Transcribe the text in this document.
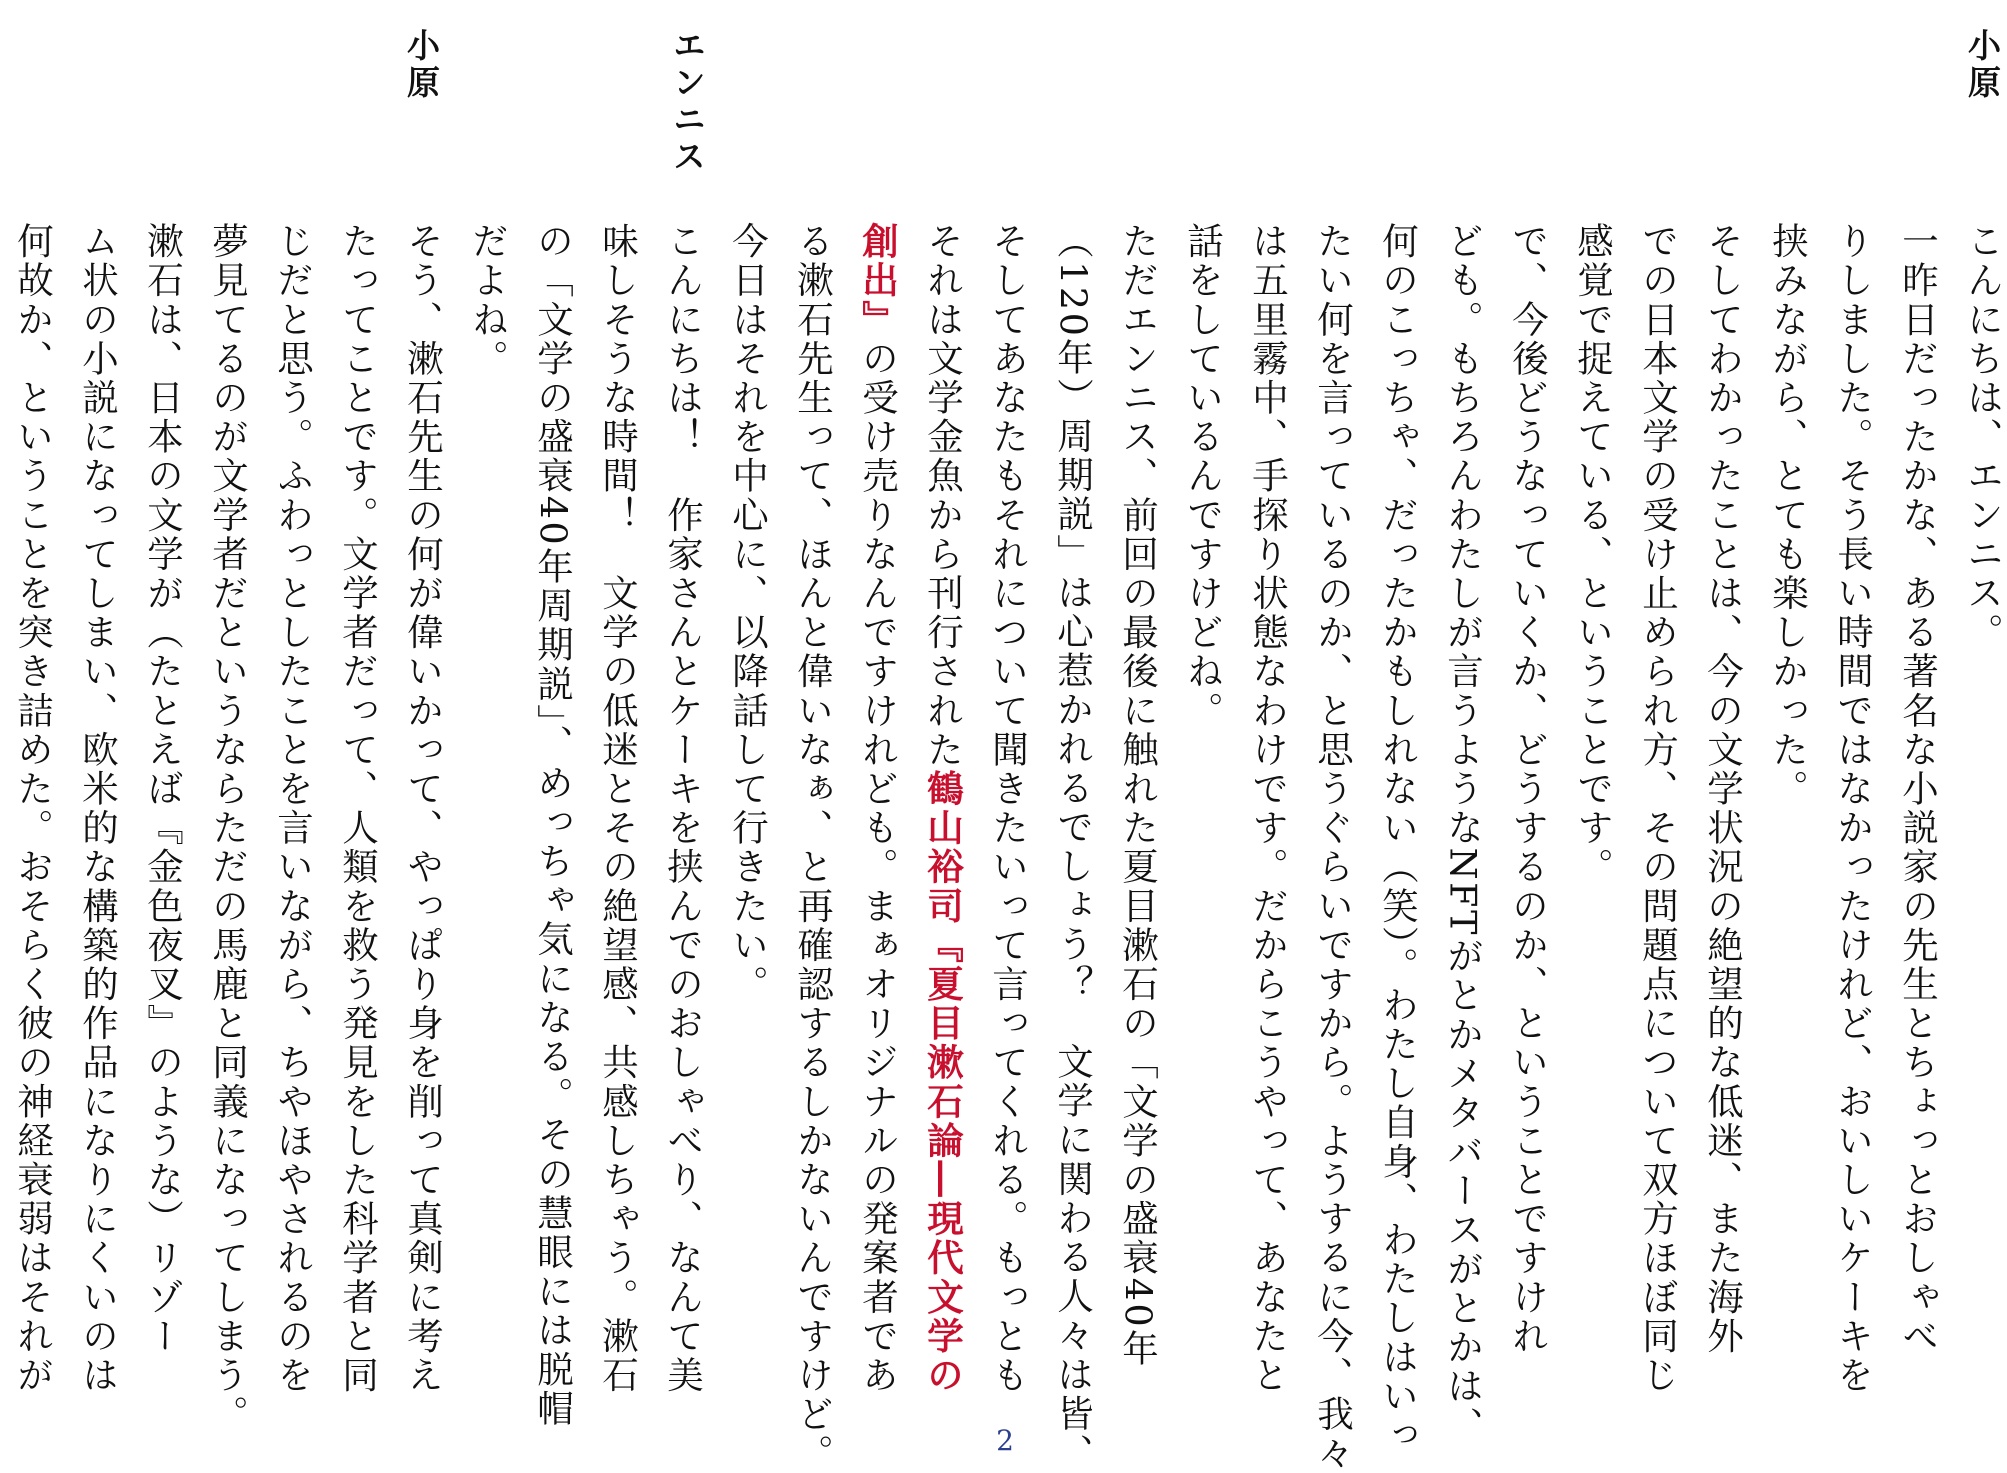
小原
エンニス
小原
こんにちは、エンニス。
一昨日だったかな、ある著名な小説家の先生とちょっとおしゃべ
りしました。そう長い時間ではなかったけれど、おいしいケーキを
挟みながら、とても楽しかった。
そしてわかったことは、今の文学状況の絶望的な低迷、また海外
での日本文学の受け止められ方、その問題点について双方ほぼ同じ
感覚で捉えている、ということです。
で、今後どうなっていくか、どうするのか、ということですけれ
ども。もちろんわたしが言うようなNFTがとかメタバースがとかは、
何のこっちゃ、だったかもしれない（笑）。わたし自身、わたしはいっ
たい何を言っているのか、と思うぐらいですから。ようするに今、我々
は五里霧中、手探り状態なわけです。だからこうやって、あなたと
話をしているんですけどね。
ただエンニス、前回の最後に触れた夏目漱石の「文学の盛衰40年
（120年）周期説」は心惹かれるでしょう？　文学に関わる人々は皆、
そしてあなたもそれについて聞きたいって言ってくれる。もっとも
それは文学金魚から刊行された鶴山裕司『夏目漱石論―現代文学の
創出』の受け売りなんですけれども。まぁオリジナルの発案者であ
る漱石先生って、ほんと偉いなぁ、と再確認するしかないんですけど。
今日はそれを中心に、以降話して行きたい。
こんにちは！　作家さんとケーキを挟んでのおしゃべり、なんて美
味しそうな時間！　文学の低迷とその絶望感、共感しちゃう。漱石
の「文学の盛衰40年周期説」、めっちゃ気になる。その慧眼には脱帽
だよね。
そう、漱石先生の何が偉いかって、やっぱり身を削って真剣に考え
たってことです。文学者だって、人類を救う発見をした科学者と同
じだと思う。ふわっとしたことを言いながら、ちやほやされるのを
夢見てるのが文学者だというならただの馬鹿と同義になってしまう。
漱石は、日本の文学が（たとえば『金色夜叉』のような）リゾー
ム状の小説になってしまい、欧米的な構築的作品になりにくいのは
何故か、ということを突き詰めた。おそらく彼の神経衰弱はそれが
2
